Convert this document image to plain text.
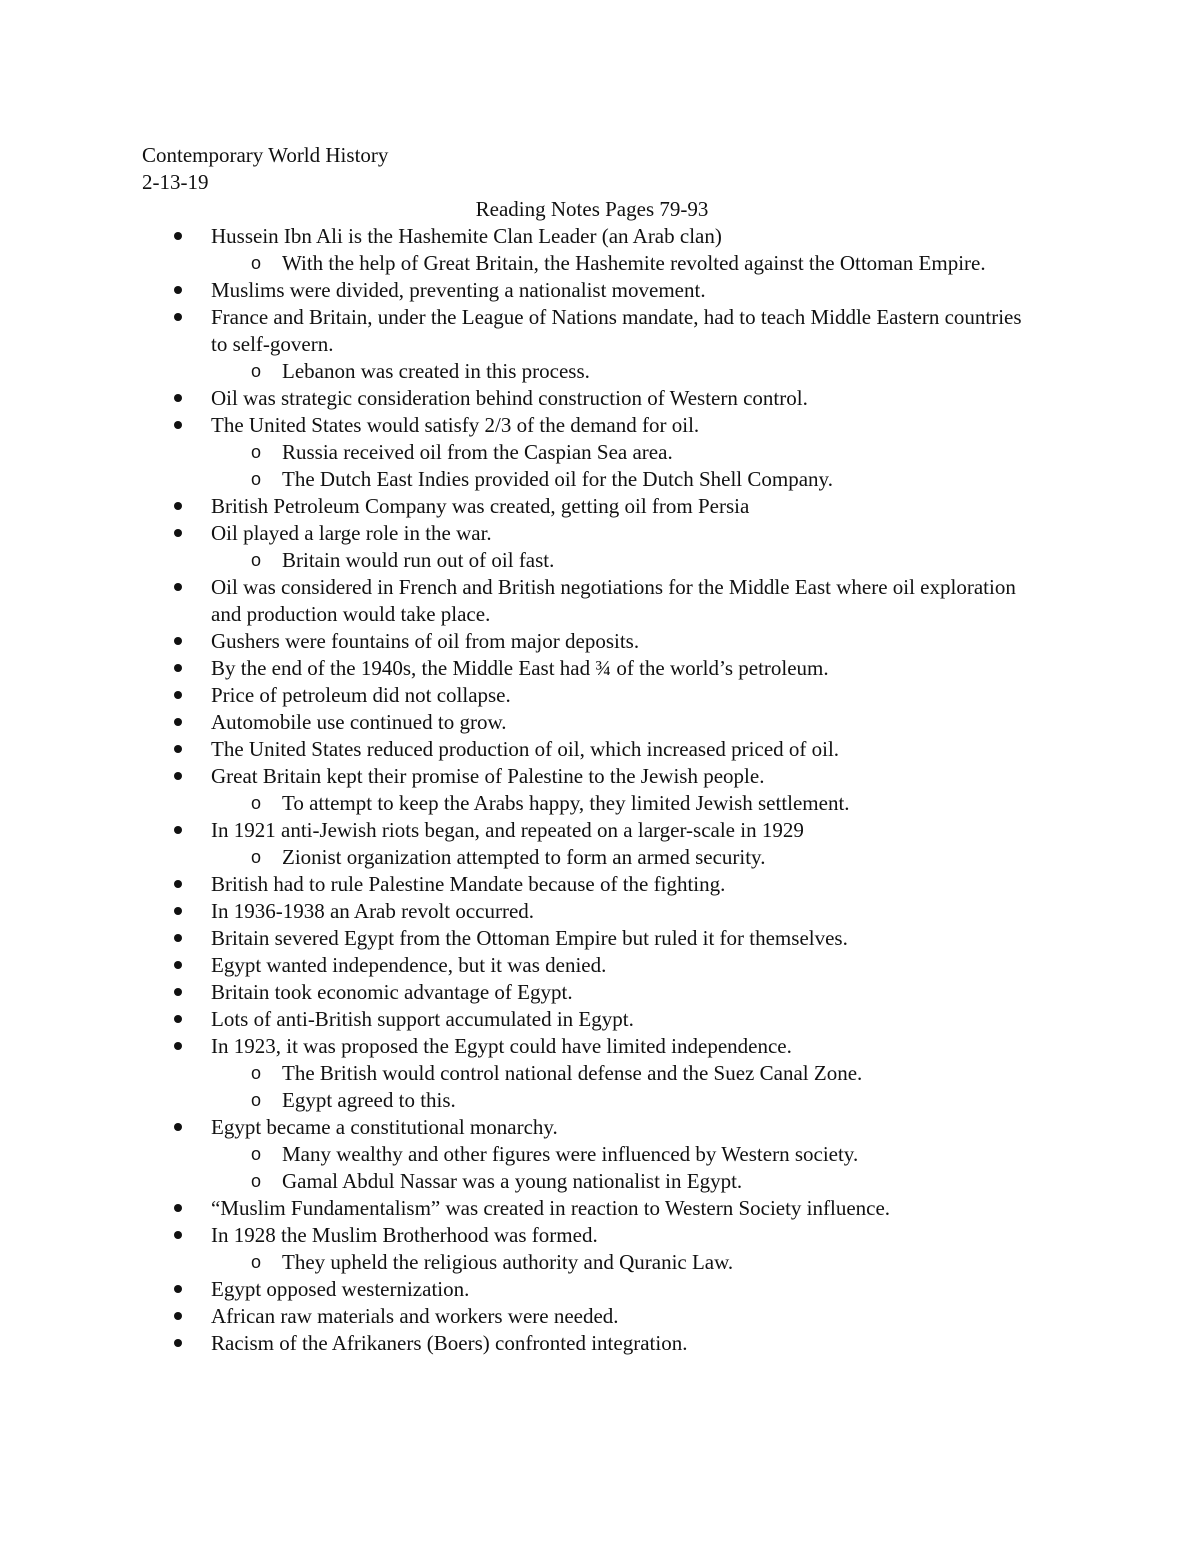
Contemporary World History

2-13-19

Reading Notes Pages 79-93

Hussein Ibn Ali is the Hashemite Clan Leader (an Arab clan)
o With the help of Great Britain, the Hashemite revolted against the Ottoman Empire.
Muslims were divided, preventing a nationalist movement.
France and Britain, under the League of Nations mandate, had to teach Middle Eastern countries to self-govern.
o Lebanon was created in this process.
Oil was strategic consideration behind construction of Western control.
The United States would satisfy 2/3 of the demand for oil.
o Russia received oil from the Caspian Sea area.
o The Dutch East Indies provided oil for the Dutch Shell Company.
British Petroleum Company was created, getting oil from Persia
Oil played a large role in the war.
o Britain would run out of oil fast.
Oil was considered in French and British negotiations for the Middle East where oil exploration and production would take place.
Gushers were fountains of oil from major deposits.
By the end of the 1940s, the Middle East had ¾ of the world’s petroleum.
Price of petroleum did not collapse.
Automobile use continued to grow.
The United States reduced production of oil, which increased priced of oil.
Great Britain kept their promise of Palestine to the Jewish people.
o To attempt to keep the Arabs happy, they limited Jewish settlement.
In 1921 anti-Jewish riots began, and repeated on a larger-scale in 1929
o Zionist organization attempted to form an armed security.
British had to rule Palestine Mandate because of the fighting.
In 1936-1938 an Arab revolt occurred.
Britain severed Egypt from the Ottoman Empire but ruled it for themselves.
Egypt wanted independence, but it was denied.
Britain took economic advantage of Egypt.
Lots of anti-British support accumulated in Egypt.
In 1923, it was proposed the Egypt could have limited independence.
o The British would control national defense and the Suez Canal Zone.
o Egypt agreed to this.
Egypt became a constitutional monarchy.
o Many wealthy and other figures were influenced by Western society.
o Gamal Abdul Nassar was a young nationalist in Egypt.
“Muslim Fundamentalism” was created in reaction to Western Society influence.
In 1928 the Muslim Brotherhood was formed.
o They upheld the religious authority and Quranic Law.
Egypt opposed westernization.
African raw materials and workers were needed.
Racism of the Afrikaners (Boers) confronted integration.
